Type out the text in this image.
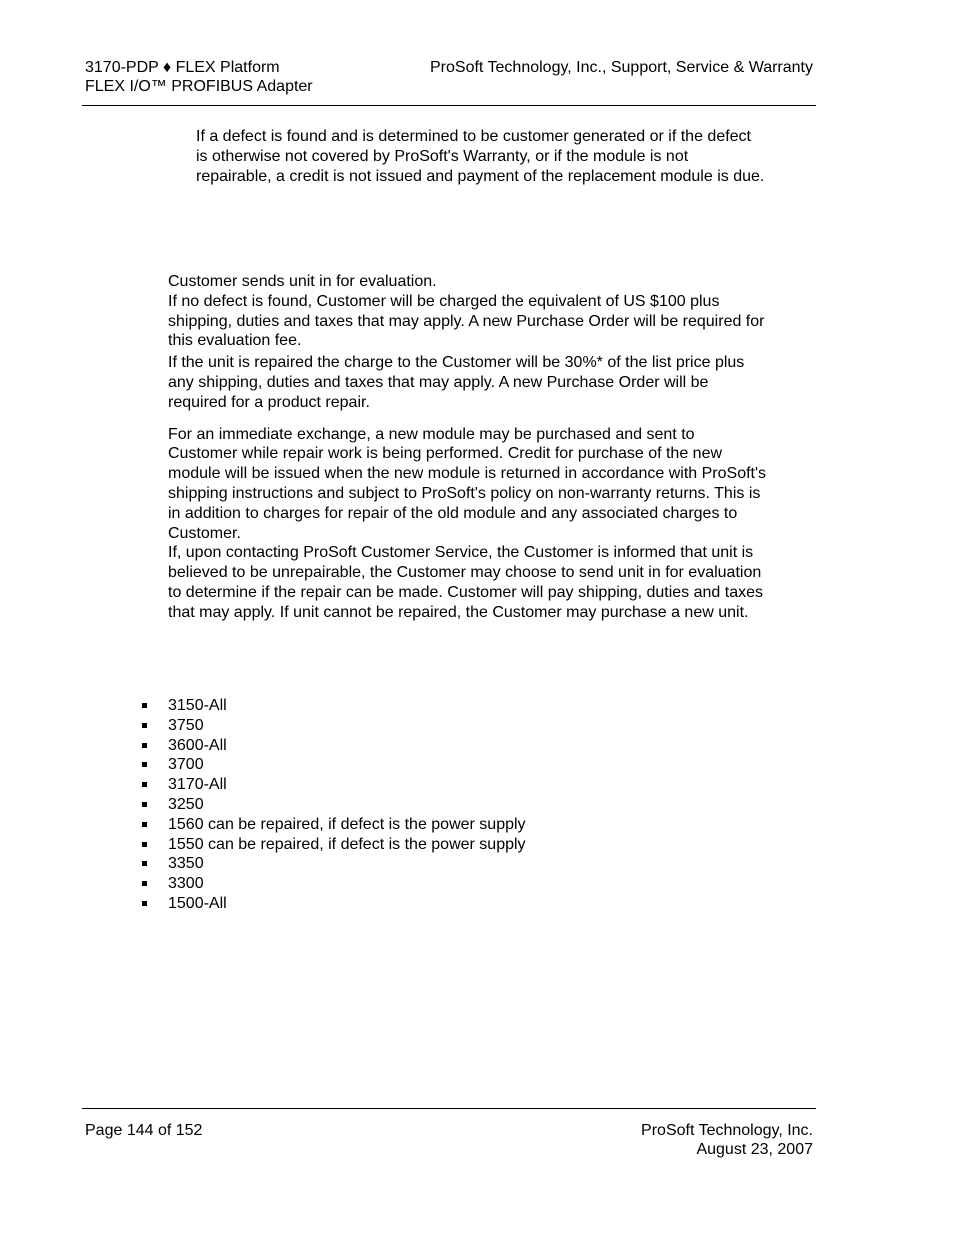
3170-PDP ♦ FLEX Platform
FLEX I/O™ PROFIBUS Adapter
ProSoft Technology, Inc., Support, Service & Warranty

If a defect is found and is determined to be customer generated or if the defect is otherwise not covered by ProSoft's Warranty, or if the module is not repairable, a credit is not issued and payment of the replacement module is due.

Customer sends unit in for evaluation.
If no defect is found, Customer will be charged the equivalent of US $100 plus shipping, duties and taxes that may apply. A new Purchase Order will be required for this evaluation fee.
If the unit is repaired the charge to the Customer will be 30%* of the list price plus any shipping, duties and taxes that may apply. A new Purchase Order will be required for a product repair.
For an immediate exchange, a new module may be purchased and sent to Customer while repair work is being performed. Credit for purchase of the new module will be issued when the new module is returned in accordance with ProSoft's shipping instructions and subject to ProSoft's policy on non-warranty returns. This is in addition to charges for repair of the old module and any associated charges to Customer.
If, upon contacting ProSoft Customer Service, the Customer is informed that unit is believed to be unrepairable, the Customer may choose to send unit in for evaluation to determine if the repair can be made. Customer will pay shipping, duties and taxes that may apply. If unit cannot be repaired, the Customer may purchase a new unit.
3150-All
3750
3600-All
3700
3170-All
3250
1560 can be repaired, if defect is the power supply
1550 can be repaired, if defect is the power supply
3350
3300
1500-All
Page 144 of 152	ProSoft Technology, Inc.
August 23, 2007
